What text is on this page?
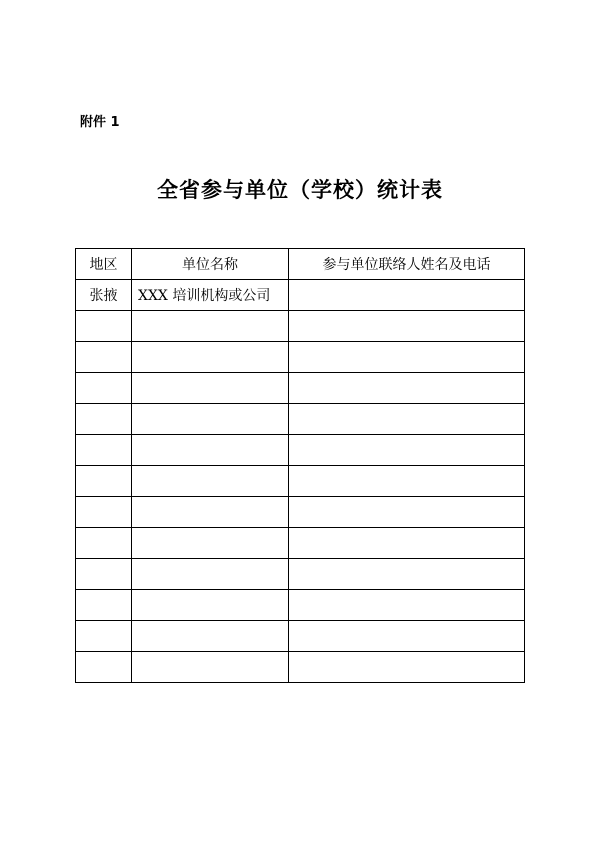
附件 1
全省参与单位（学校）统计表
地区	单位名称	参与单位联络人姓名及电话
张掖	XXX 培训机构或公司	
